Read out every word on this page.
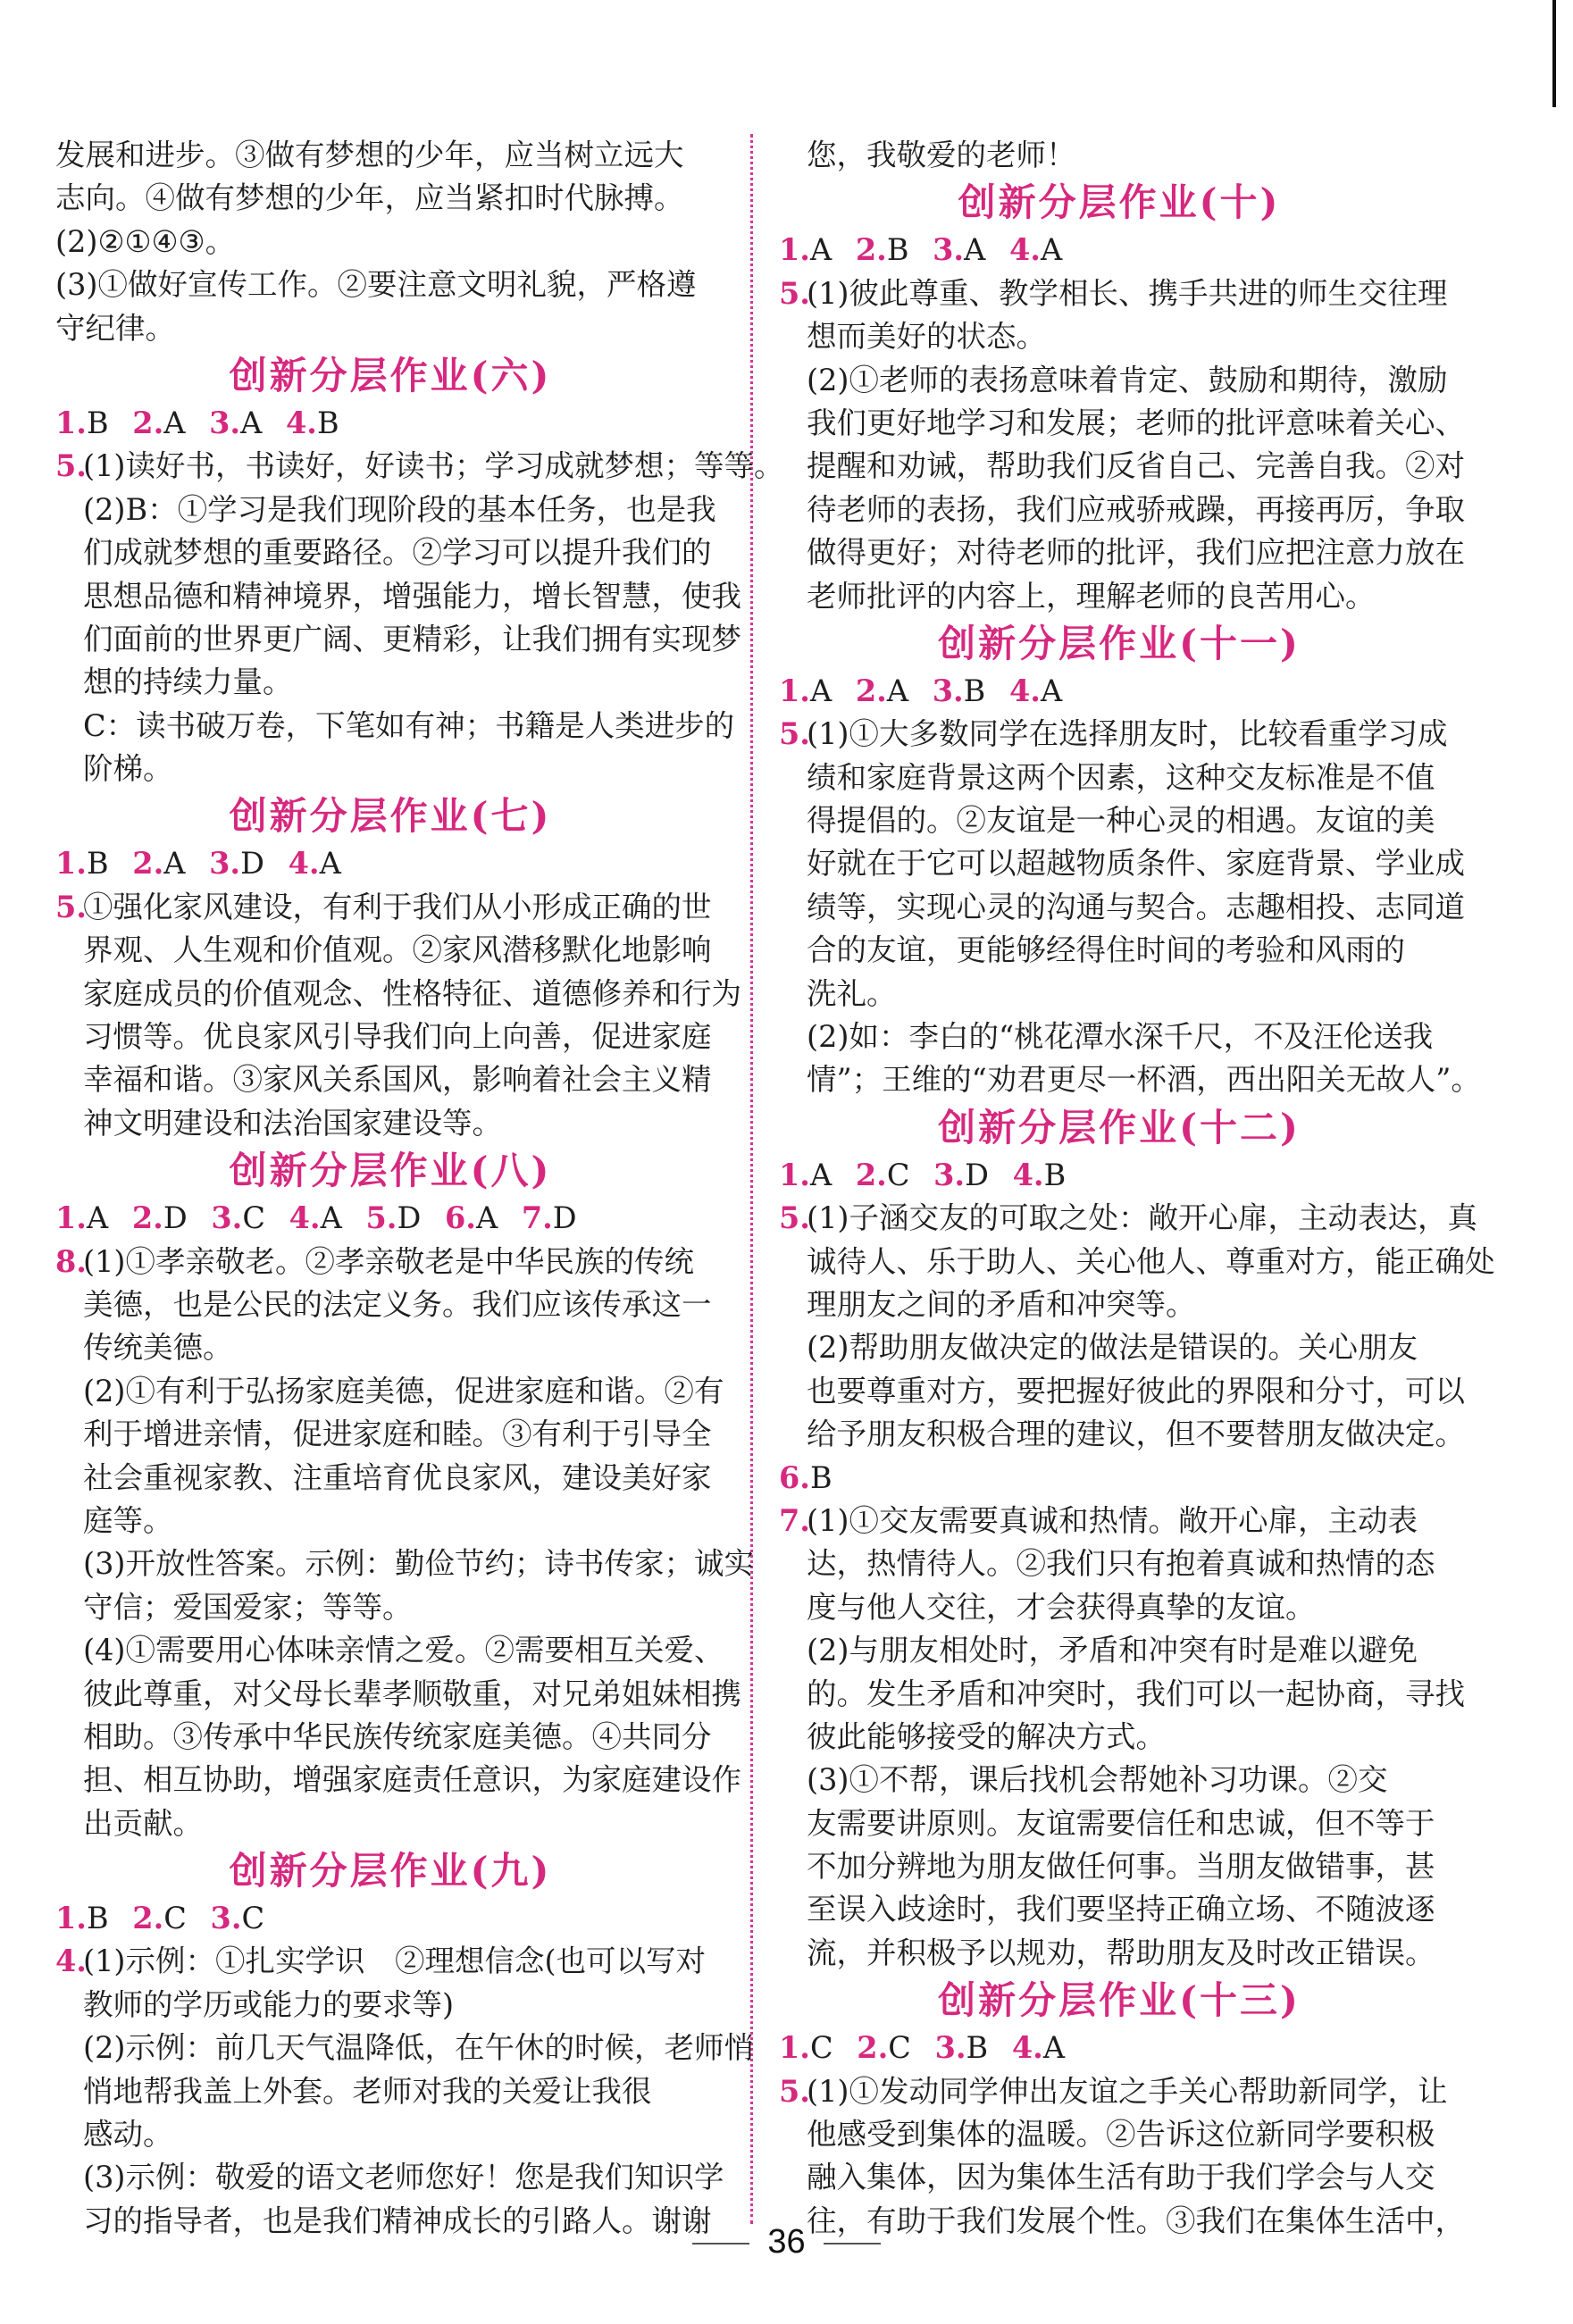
发展和进步。③做有梦想的少年，应当树立远大
志向。④做有梦想的少年，应当紧扣时代脉搏。
(2)②①④③。
(3)①做好宣传工作。②要注意文明礼貌，严格遵
守纪律。
创新分层作业(六)
1.B 2.A 3.A 4.B
5.(1)读好书，书读好，好读书；学习成就梦想；等等。
(2)B：①学习是我们现阶段的基本任务，也是我
们成就梦想的重要路径。②学习可以提升我们的
思想品德和精神境界，增强能力，增长智慧，使我
们面前的世界更广阔、更精彩，让我们拥有实现梦
想的持续力量。
C：读书破万卷，下笔如有神；书籍是人类进步的
阶梯。
创新分层作业(七)
1.B 2.A 3.D 4.A
5.①强化家风建设，有利于我们从小形成正确的世
界观、人生观和价值观。②家风潜移默化地影响
家庭成员的价值观念、性格特征、道德修养和行为
习惯等。优良家风引导我们向上向善，促进家庭
幸福和谐。③家风关系国风，影响着社会主义精
神文明建设和法治国家建设等。
创新分层作业(八)
1.A 2.D 3.C 4.A 5.D 6.A 7.D
8.(1)①孝亲敬老。②孝亲敬老是中华民族的传统
美德，也是公民的法定义务。我们应该传承这一
传统美德。
(2)①有利于弘扬家庭美德，促进家庭和谐。②有
利于增进亲情，促进家庭和睦。③有利于引导全
社会重视家教、注重培育优良家风，建设美好家
庭等。
(3)开放性答案。示例：勤俭节约；诗书传家；诚实
守信；爱国爱家；等等。
(4)①需要用心体味亲情之爱。②需要相互关爱、
彼此尊重，对父母长辈孝顺敬重，对兄弟姐妹相携
相助。③传承中华民族传统家庭美德。④共同分
担、相互协助，增强家庭责任意识，为家庭建设作
出贡献。
创新分层作业(九)
1.B 2.C 3.C
4.(1)示例：①扎实学识　②理想信念(也可以写对
教师的学历或能力的要求等)
(2)示例：前几天气温降低，在午休的时候，老师悄
悄地帮我盖上外套。老师对我的关爱让我很
感动。
(3)示例：敬爱的语文老师您好！您是我们知识学
习的指导者，也是我们精神成长的引路人。谢谢
您，我敬爱的老师！
创新分层作业(十)
1.A 2.B 3.A 4.A
5.(1)彼此尊重、教学相长、携手共进的师生交往理
想而美好的状态。
(2)①老师的表扬意味着肯定、鼓励和期待，激励
我们更好地学习和发展；老师的批评意味着关心、
提醒和劝诫，帮助我们反省自己、完善自我。②对
待老师的表扬，我们应戒骄戒躁，再接再厉，争取
做得更好；对待老师的批评，我们应把注意力放在
老师批评的内容上，理解老师的良苦用心。
创新分层作业(十一)
1.A 2.A 3.B 4.A
5.(1)①大多数同学在选择朋友时，比较看重学习成
绩和家庭背景这两个因素，这种交友标准是不值
得提倡的。②友谊是一种心灵的相遇。友谊的美
好就在于它可以超越物质条件、家庭背景、学业成
绩等，实现心灵的沟通与契合。志趣相投、志同道
合的友谊，更能够经得住时间的考验和风雨的
洗礼。
(2)如：李白的“桃花潭水深千尺，不及汪伦送我
情”；王维的“劝君更尽一杯酒，西出阳关无故人”。
创新分层作业(十二)
1.A 2.C 3.D 4.B
5.(1)子涵交友的可取之处：敞开心扉，主动表达，真
诚待人、乐于助人、关心他人、尊重对方，能正确处
理朋友之间的矛盾和冲突等。
(2)帮助朋友做决定的做法是错误的。关心朋友
也要尊重对方，要把握好彼此的界限和分寸，可以
给予朋友积极合理的建议，但不要替朋友做决定。
6.B
7.(1)①交友需要真诚和热情。敞开心扉，主动表
达，热情待人。②我们只有抱着真诚和热情的态
度与他人交往，才会获得真挚的友谊。
(2)与朋友相处时，矛盾和冲突有时是难以避免
的。发生矛盾和冲突时，我们可以一起协商，寻找
彼此能够接受的解决方式。
(3)①不帮，课后找机会帮她补习功课。②交
友需要讲原则。友谊需要信任和忠诚，但不等于
不加分辨地为朋友做任何事。当朋友做错事，甚
至误入歧途时，我们要坚持正确立场、不随波逐
流，并积极予以规劝，帮助朋友及时改正错误。
创新分层作业(十三)
1.C 2.C 3.B 4.A
5.(1)①发动同学伸出友谊之手关心帮助新同学，让
他感受到集体的温暖。②告诉这位新同学要积极
融入集体，因为集体生活有助于我们学会与人交
往，有助于我们发展个性。③我们在集体生活中，
36
